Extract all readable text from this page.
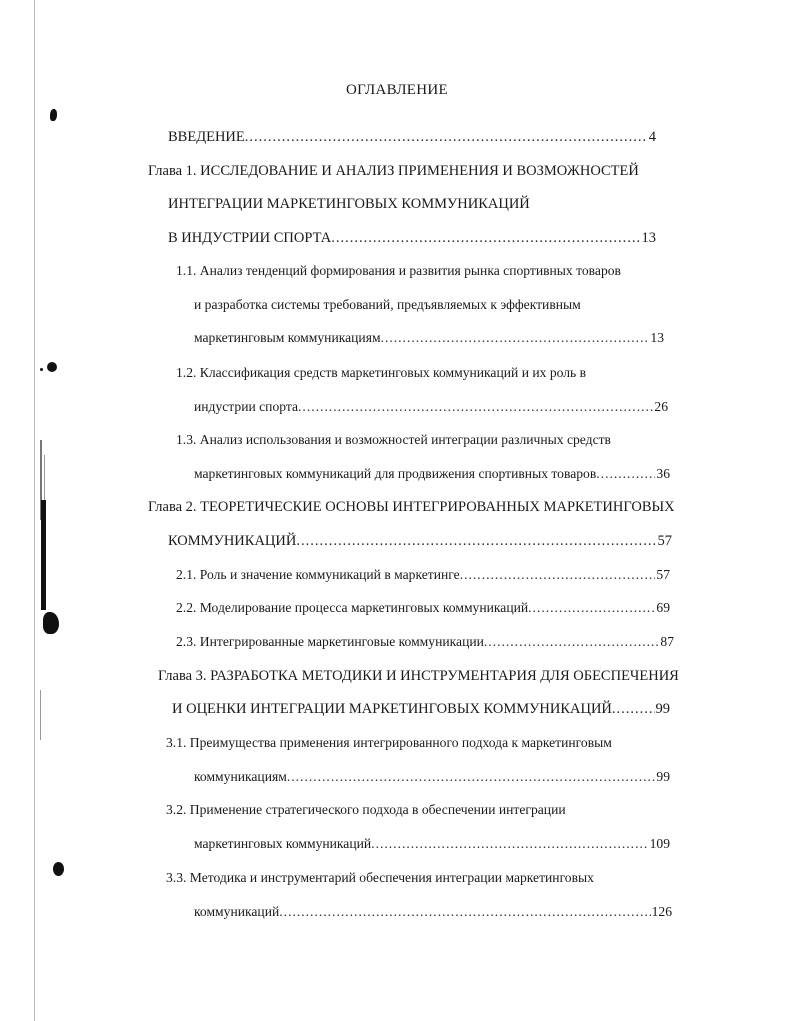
ОГЛАВЛЕНИЕ
ВВЕДЕНИЕ	4
.....
Глава 1. ИССЛЕДОВАНИЕ И АНАЛИЗ ПРИМЕНЕНИЯ И ВОЗМОЖНОСТЕЙ
ИНТЕГРАЦИИ МАРКЕТИНГОВЫХ КОММУНИКАЦИЙ
В ИНДУСТРИИ СПОРТА	13
.....
1.1. Анализ тенденций формирования и развития рынка спортивных товаров
и разработка системы требований, предъявляемых к эффективным
маркетинговым коммуникациям	13
.....
1.2. Классификация средств маркетинговых коммуникаций и их роль в
индустрии спорта	26
.....
1.3. Анализ использования и возможностей интеграции различных средств
маркетинговых коммуникаций для продвижения спортивных товаров	36
.....
Глава 2. ТЕОРЕТИЧЕСКИЕ ОСНОВЫ ИНТЕГРИРОВАННЫХ МАРКЕТИНГОВЫХ
КОММУНИКАЦИЙ	57
.....
2.1. Роль и значение коммуникаций в маркетинге	57
.....
2.2. Моделирование процесса маркетинговых коммуникаций	69
.....
2.3. Интегрированные маркетинговые коммуникации	87
.....
Глава 3. РАЗРАБОТКА МЕТОДИКИ И ИНСТРУМЕНТАРИЯ ДЛЯ ОБЕСПЕЧЕНИЯ
И ОЦЕНКИ ИНТЕГРАЦИИ МАРКЕТИНГОВЫХ КОММУНИКАЦИЙ	99
.....
3.1. Преимущества применения интегрированного подхода к маркетинговым
коммуникациям	99
.....
3.2. Применение стратегического подхода в обеспечении интеграции
маркетинговых коммуникаций	109
.....
3.3. Методика и инструментарий обеспечения интеграции маркетинговых
коммуникаций	126
.....
